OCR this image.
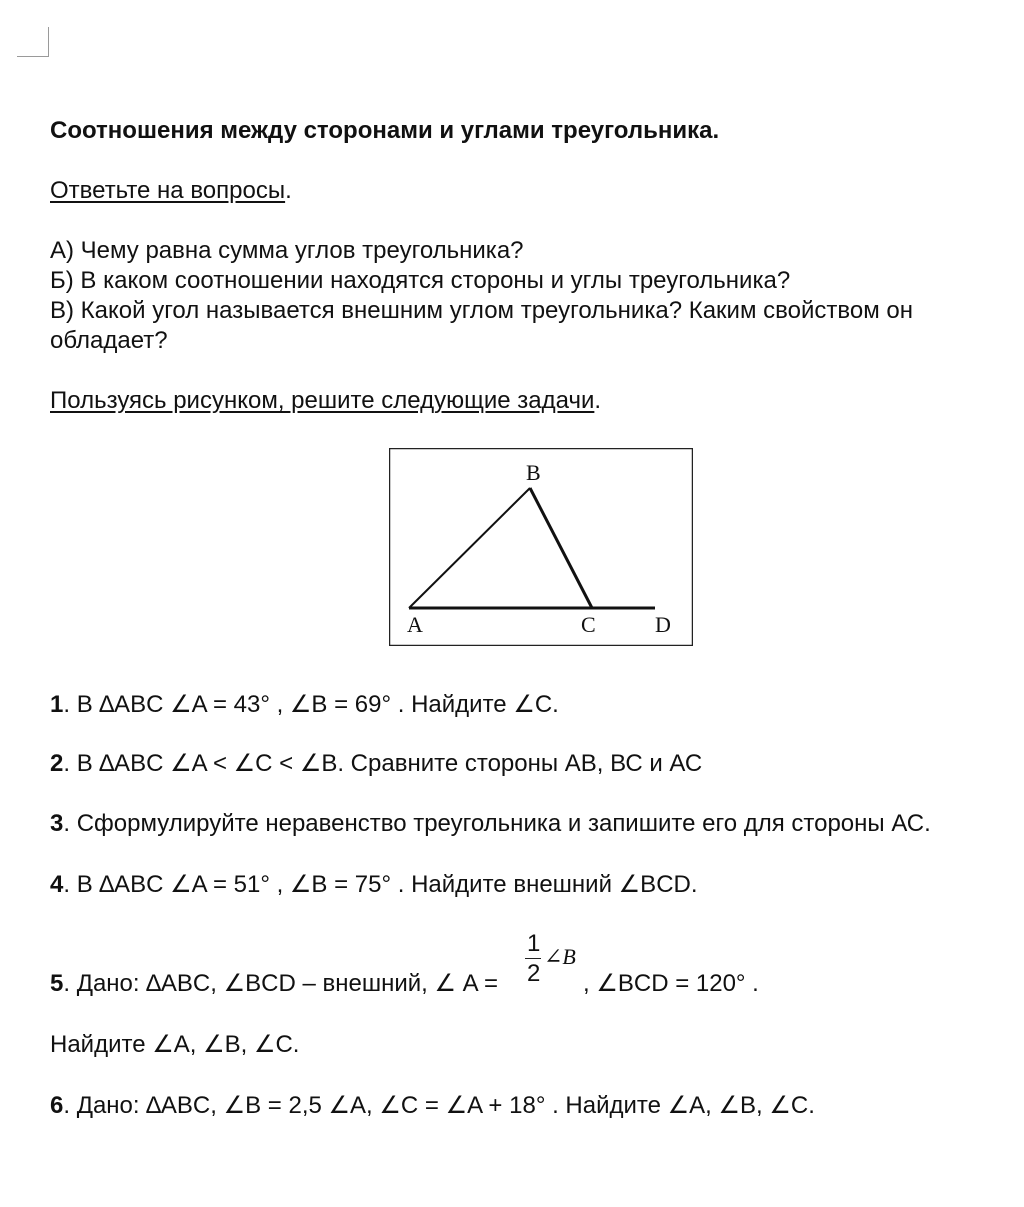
Соотношения между сторонами и углами треугольника.
Ответьте на вопросы.
А) Чему равна сумма углов треугольника?
Б) В каком соотношении находятся стороны и углы треугольника?
В) Какой угол называется внешним углом треугольника? Каким свойством он
обладает?
Пользуясь рисунком, решите следующие задачи.
B
A	C	D
1. В ∆ABC ∠A = 43° , ∠B = 69° . Найдите ∠C.
2. В ∆ABC ∠A < ∠C < ∠B. Сравните стороны АВ, ВС и АС
3. Сформулируйте неравенство треугольника и запишите его для стороны АС.
4. В ∆ABC ∠A = 51° , ∠B = 75° . Найдите внешний ∠BCD.
5. Дано: ∆ABC, ∠BCD – внешний, ∠ A =
1
2
∠B
, ∠BCD = 120° .
Найдите ∠A, ∠B, ∠C.
6. Дано: ∆ABC, ∠B = 2,5 ∠A, ∠C = ∠A + 18° . Найдите ∠A, ∠B, ∠C.
